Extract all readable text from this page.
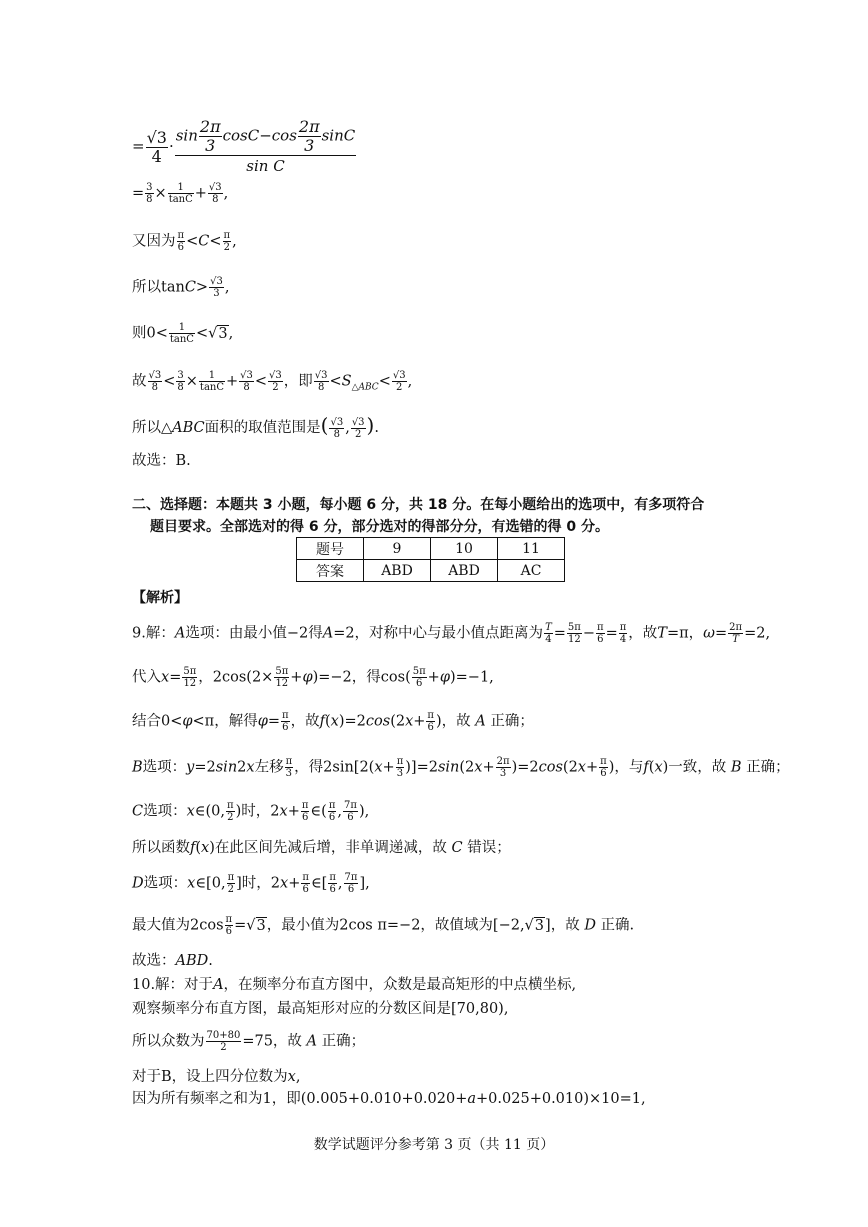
= $\frac{√3}{4} \cdot \frac{\sin \frac{2\pi}{3} \cos C-\cos \frac{2\pi}{3} \sin C}{\text{sin C}}$
= $\frac{3}{8} \times \frac{1}{\tan C} + \frac{√3}{8}$ ,
又因为 $\frac{\pi}{6} <C< \frac{\pi}{2}$ ,
所以$\tan C> \frac{√3}{3}$ ,
则$0< \frac{1}{\tan C} <√3$,
故 $\frac{√3}{8} < \frac{3}{8} \times \frac{1}{\tan C} + \frac{√3}{8} < \frac{√3}{2}$ ，即 $\frac{√3}{8} <S_{\triangle ABC}< \frac{√3}{2}$ ,
所以△ABC面积的取值范围是( $\frac{√3}{8}$ , $\frac{√3}{2}$ ).
故选：B.
二、选择题：本题共 3 小题，每小题 6 分，共 18 分。在每小题给出的选项中，有多项符合
题目要求。全部选对的得 6 分，部分选对的得部分分，有选错的得 0 分。
题号	9	10	11
答案	ABD	ABD	AC
【解析】
9.解：A选项：由最小值−2得A=2，对称中心与最小值点距离为 $\frac{T}{4} = \frac{5\pi}{12} - \frac{\pi}{6} = \frac{\pi}{4}$ ，故T=π，$\omega= \frac{2\pi}{T} =2$,
代入$x= \frac{5\pi}{12}$ ，$2\cos(2\times \frac{5\pi}{12} +\varphi)=-2$，得$\cos( \frac{5\pi}{6} +\varphi)=-1$,
结合0<φ<π，解得$\varphi= \frac{\pi}{6}$ ，故$f(x)=2\cos(2x+ \frac{\pi}{6}$ )，故 A 正确；
B选项：y=2sin2x左移 $\frac{\pi}{3}$ ，得$2\sin[2(x+ \frac{\pi}{3} )]=2\sin(2x+ \frac{2\pi}{3} )=2\cos(2x+ \frac{\pi}{6}$ )，与f(x)一致，故 B 正确；
C选项：x∈(0, $\frac{\pi}{2}$ )时，$2x+ \frac{\pi}{6}$ ∈( $\frac{\pi}{6}$ , $\frac{7\pi}{6}$ ),
所以函数f(x)在此区间先减后增，非单调递减，故 C 错误；
D选项：x∈[0, $\frac{\pi}{2}$ ]时，$2x+ \frac{\pi}{6}$ ∈[ $\frac{\pi}{6}$ , $\frac{7\pi}{6}$ ],
最大值为$2\cos \frac{\pi}{6} =√3$，最小值为2cos π=−2，故值域为[−2,√3]，故 D 正确.
故选：ABD.
10.解：对于A，在频率分布直方图中，众数是最高矩形的中点横坐标,
观察频率分布直方图，最高矩形对应的分数区间是[70,80),
所以众数为 $\frac{70+80}{2} =75$，故 A 正确；
对于B，设上四分位数为x,
因为所有频率之和为1，即(0.005+0.010+0.020+a+0.025+0.010)×10=1,
数学试题评分参考第 3 页（共 11 页）
